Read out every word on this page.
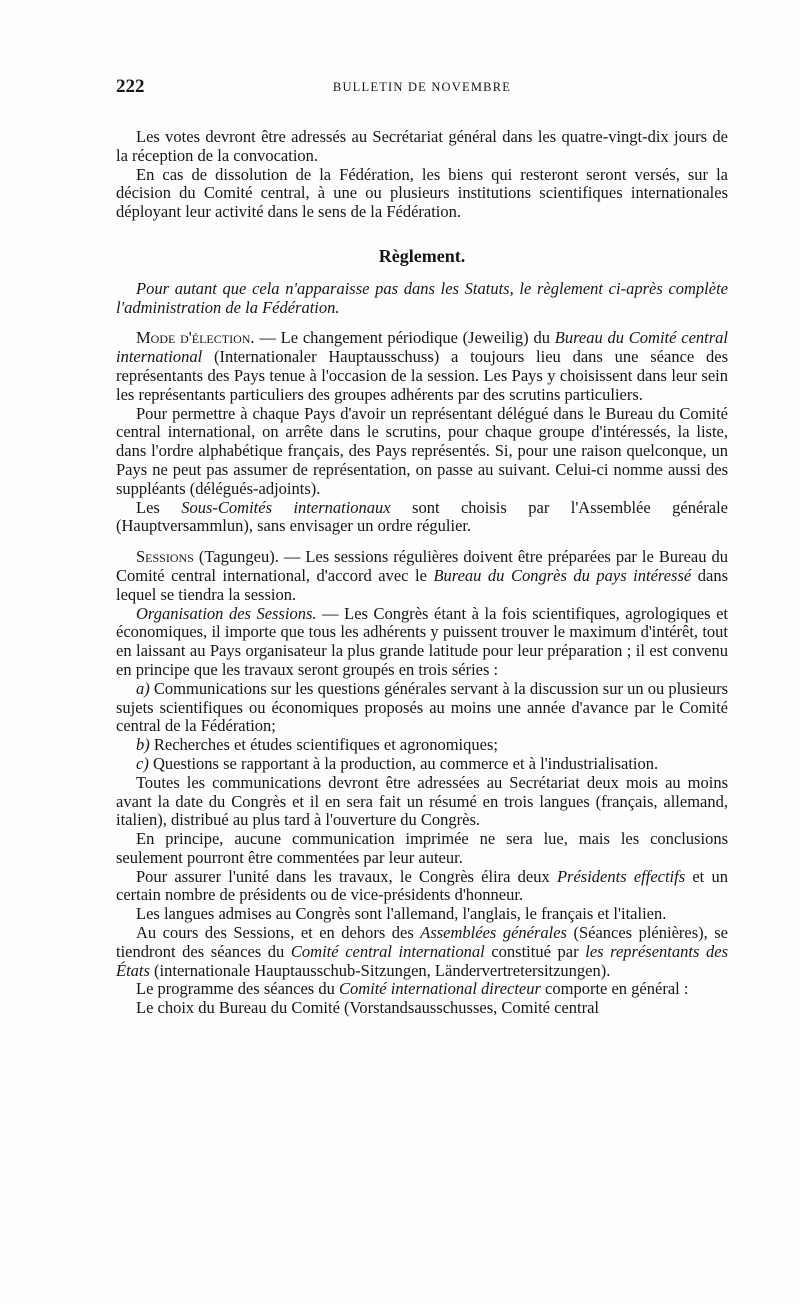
222	BULLETIN DE NOVEMBRE

Les votes devront être adressés au Secrétariat général dans les quatre-vingt-dix jours de la réception de la convocation.

En cas de dissolution de la Fédération, les biens qui resteront seront versés, sur la décision du Comité central, à une ou plusieurs institutions scientifiques internationales déployant leur activité dans le sens de la Fédération.

Règlement.

Pour autant que cela n'apparaisse pas dans les Statuts, le règlement ci-après complète l'administration de la Fédération.

Mode d'élection. — Le changement périodique (Jeweilig) du Bureau du Comité central international (Internationaler Hauptausschuss) a toujours lieu dans une séance des représentants des Pays tenue à l'occasion de la session. Les Pays y choisissent dans leur sein les représentants particuliers des groupes adhérents par des scrutins particuliers.

Pour permettre à chaque Pays d'avoir un représentant délégué dans le Bureau du Comité central international, on arrête dans le scrutins, pour chaque groupe d'intéressés, la liste, dans l'ordre alphabétique français, des Pays représentés. Si, pour une raison quelconque, un Pays ne peut pas assumer de représentation, on passe au suivant. Celui-ci nomme aussi des suppléants (délégués-adjoints).

Les Sous-Comités internationaux sont choisis par l'Assemblée générale (Hauptversammlun), sans envisager un ordre régulier.

Sessions (Tagungeu). — Les sessions régulières doivent être préparées par le Bureau du Comité central international, d'accord avec le Bureau du Congrès du pays intéressé dans lequel se tiendra la session.

Organisation des Sessions. — Les Congrès étant à la fois scientifiques, agrologiques et économiques, il importe que tous les adhérents y puissent trouver le maximum d'intérêt, tout en laissant au Pays organisateur la plus grande latitude pour leur préparation ; il est convenu en principe que les travaux seront groupés en trois séries :

a) Communications sur les questions générales servant à la discussion sur un ou plusieurs sujets scientifiques ou économiques proposés au moins une année d'avance par le Comité central de la Fédération;

b) Recherches et études scientifiques et agronomiques;

c) Questions se rapportant à la production, au commerce et à l'industrialisation.

Toutes les communications devront être adressées au Secrétariat deux mois au moins avant la date du Congrès et il en sera fait un résumé en trois langues (français, allemand, italien), distribué au plus tard à l'ouverture du Congrès.

En principe, aucune communication imprimée ne sera lue, mais les conclusions seulement pourront être commentées par leur auteur.

Pour assurer l'unité dans les travaux, le Congrès élira deux Présidents effectifs et un certain nombre de présidents ou de vice-présidents d'honneur.

Les langues admises au Congrès sont l'allemand, l'anglais, le français et l'italien.

Au cours des Sessions, et en dehors des Assemblées générales (Séances plénières), se tiendront des séances du Comité central international constitué par les représentants des États (internationale Hauptausschub-Sitzungen, Ländervertretersitzungen).

Le programme des séances du Comité international directeur comporte en général :

Le choix du Bureau du Comité (Vorstandsausschusses, Comité central
